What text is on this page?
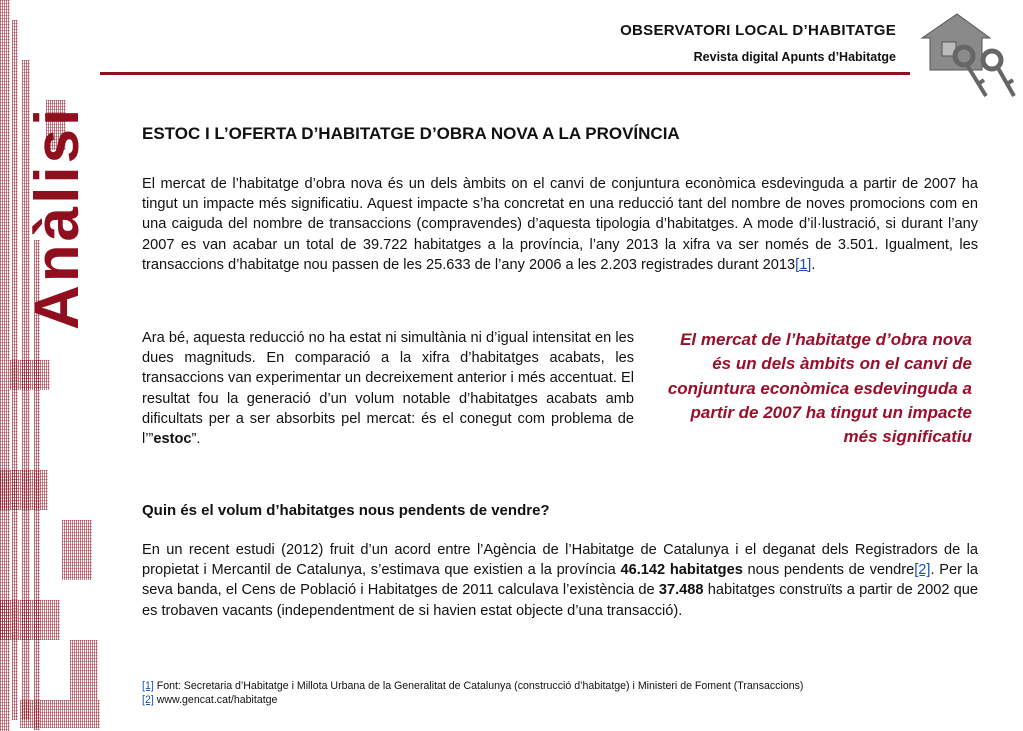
Anàlisi
OBSERVATORI LOCAL D’HABITATGE
Revista digital Apunts d’Habitatge
ESTOC I L’OFERTA D’HABITATGE D’OBRA NOVA A LA PROVÍNCIA
El mercat de l’habitatge d’obra nova és un dels àmbits on el canvi de conjuntura econòmica esdevinguda a partir de 2007 ha tingut un impacte més significatiu. Aquest impacte s’ha concretat en una reducció tant del nombre de noves promocions com en una caiguda del nombre de transaccions (compravendes) d’aquesta tipologia d’habitatges. A mode d’il·lustració, si durant l’any 2007 es van acabar un total de 39.722 habitatges a la província, l’any 2013 la xifra va ser només de 3.501. Igualment, les transaccions d’habitatge nou passen de les 25.633 de l’any 2006 a les 2.203 registrades durant 2013[1].
Ara bé, aquesta reducció no ha estat ni simultània ni d’igual intensitat en les dues magnituds. En comparació a la xifra d’habitatges acabats, les transaccions van experimentar un decreixement anterior i més accentuat. El resultat fou la generació d’un volum notable d’habitatges acabats amb dificultats per a ser absorbits pel mercat: és el conegut com problema de l’”estoc”.
El mercat de l’habitatge d’obra nova és un dels àmbits on el canvi de conjuntura econòmica esdevinguda a partir de 2007 ha tingut un impacte més significatiu
Quin és el volum d’habitatges nous pendents de vendre?
En un recent estudi (2012) fruit d’un acord entre l’Agència de l’Habitatge de Catalunya i el deganat dels Registradors de la propietat i Mercantil de Catalunya, s’estimava que existien a la província 46.142 habitatges nous pendents de vendre[2]. Per la seva banda, el Cens de Població i Habitatges de 2011 calculava l’existència de 37.488 habitatges construïts a partir de 2002 que es trobaven vacants (independentment de si havien estat objecte d’una transacció).
[1] Font: Secretaria d’Habitatge i Millota Urbana de la Generalitat de Catalunya (construcció d’habitatge) i Ministeri de Foment (Transaccions)
[2] www.gencat.cat/habitatge
